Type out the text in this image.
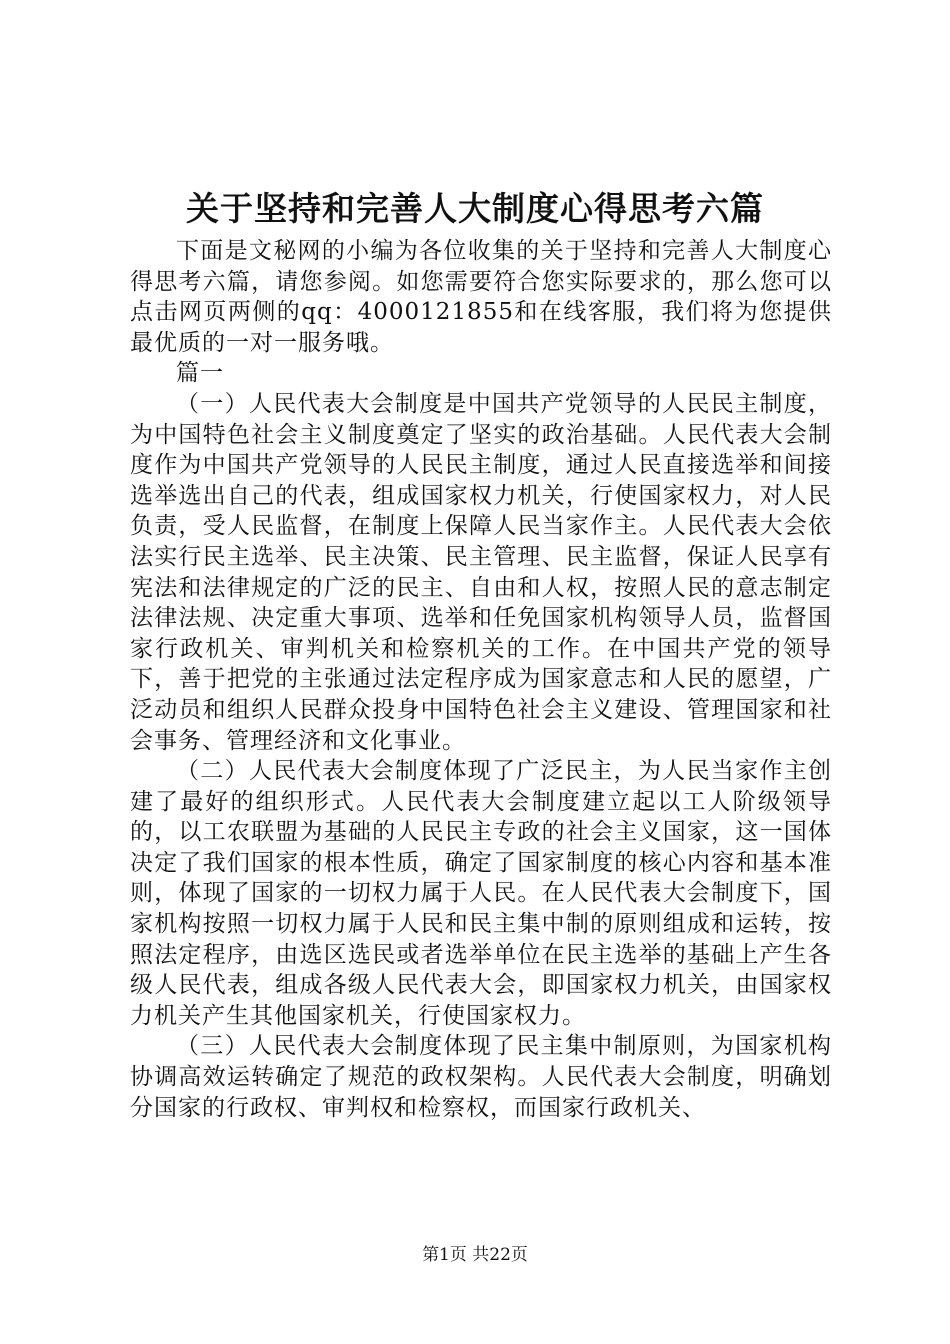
关于坚持和完善人大制度心得思考六篇

下面是文秘网的小编为各位收集的关于坚持和完善人大制度心得思考六篇，请您参阅。如您需要符合您实际要求的，那么您可以点击网页两侧的qq：4000121855和在线客服，我们将为您提供最优质的一对一服务哦。

篇一

（一）人民代表大会制度是中国共产党领导的人民民主制度，为中国特色社会主义制度奠定了坚实的政治基础。人民代表大会制度作为中国共产党领导的人民民主制度，通过人民直接选举和间接选举选出自己的代表，组成国家权力机关，行使国家权力，对人民负责，受人民监督，在制度上保障人民当家作主。人民代表大会依法实行民主选举、民主决策、民主管理、民主监督，保证人民享有宪法和法律规定的广泛的民主、自由和人权，按照人民的意志制定法律法规、决定重大事项、选举和任免国家机构领导人员，监督国家行政机关、审判机关和检察机关的工作。在中国共产党的领导下，善于把党的主张通过法定程序成为国家意志和人民的愿望，广泛动员和组织人民群众投身中国特色社会主义建设、管理国家和社会事务、管理经济和文化事业。

（二）人民代表大会制度体现了广泛民主，为人民当家作主创建了最好的组织形式。人民代表大会制度建立起以工人阶级领导的，以工农联盟为基础的人民民主专政的社会主义国家，这一国体决定了我们国家的根本性质，确定了国家制度的核心内容和基本准则，体现了国家的一切权力属于人民。在人民代表大会制度下，国家机构按照一切权力属于人民和民主集中制的原则组成和运转，按照法定程序，由选区选民或者选举单位在民主选举的基础上产生各级人民代表，组成各级人民代表大会，即国家权力机关，由国家权力机关产生其他国家机关，行使国家权力。

（三）人民代表大会制度体现了民主集中制原则，为国家机构协调高效运转确定了规范的政权架构。人民代表大会制度，明确划分国家的行政权、审判权和检察权，而国家行政机关、

第1页 共22页
